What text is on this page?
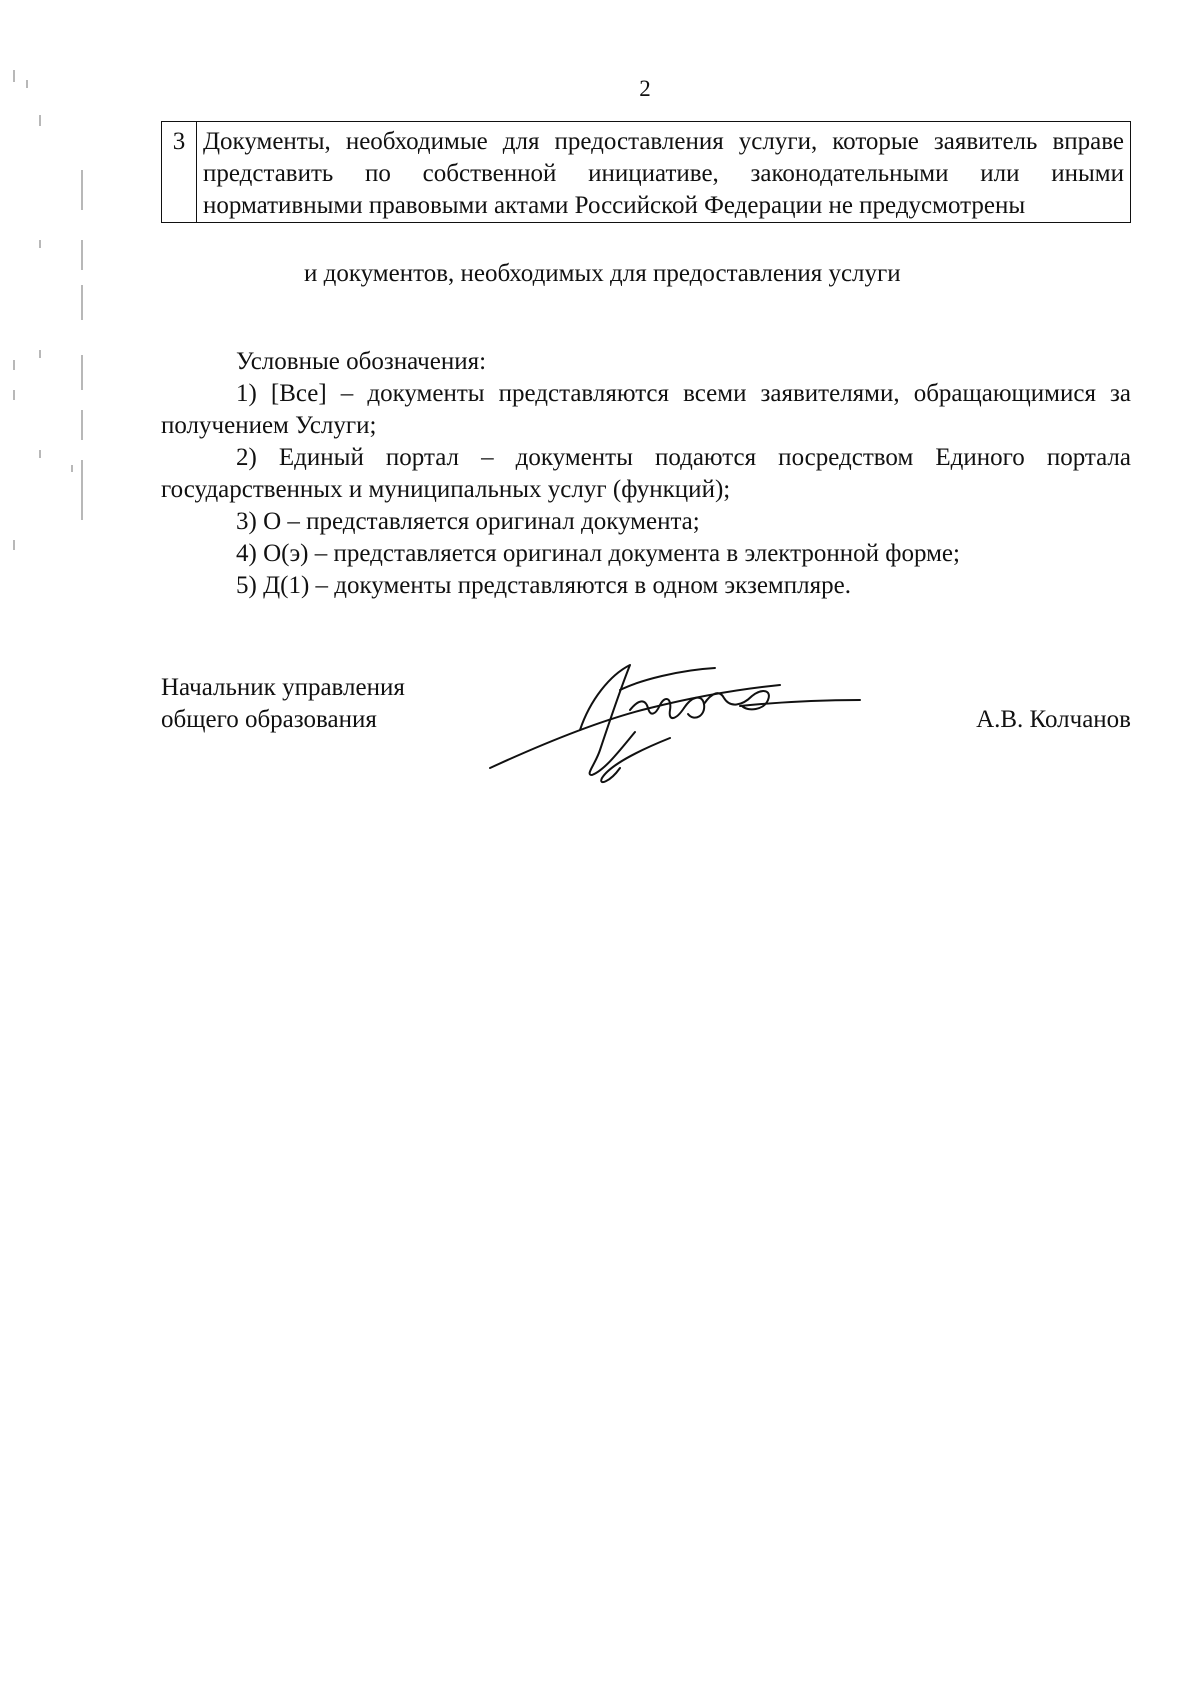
2
3	Документы, необходимые для предоставления услуги, которые заявитель вправе представить по собственной инициативе, законодательными или иными нормативными правовыми актами Российской Федерации не предусмотрены
и документов, необходимых для предоставления услуги

Условные обозначения:

1) [Все] – документы представляются всеми заявителями, обращающимися за получением Услуги;

2) Единый портал – документы подаются посредством Единого портала государственных и муниципальных услуг (функций);

3) О – представляется оригинал документа;

4) О(э) – представляется оригинал документа в электронной форме;

5) Д(1) – документы представляются в одном экземпляре.

Начальник управления
общего образования	А.В. Колчанов
